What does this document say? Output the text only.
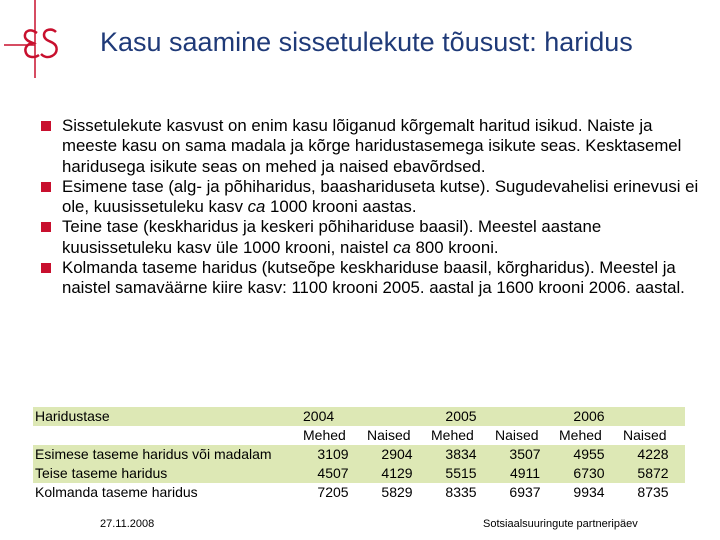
Kasu saamine sissetulekute tõusust: haridus
Sissetulekute kasvust on enim kasu lõiganud kõrgemalt haritud isikud. Naiste ja meeste kasu on sama madala ja kõrge haridustasemega isikute seas. Kesktasemel haridusega isikute seas on mehed ja naised ebavõrdsed.
Esimene tase (alg- ja põhiharidus, baashariduseta kutse). Sugudevahelisi erinevusi ei ole, kuusissetuleku kasv ca 1000 krooni aastas.
Teine tase (keskharidus ja keskeri põhihariduse baasil). Meestel aastane kuusissetuleku kasv üle 1000 krooni, naistel ca 800 krooni.
Kolmanda taseme haridus (kutseõpe keskhariduse baasil, kõrgharidus). Meestel ja naistel samaväärne kiire kasv: 1100 krooni 2005. aastal ja 1600 krooni 2006. aastal.
Haridustase	2004		2005		2006	
	Mehed	Naised	Mehed	Naised	Mehed	Naised
Esimese taseme haridus või madalam	3109	2904	3834	3507	4955	4228
Teise taseme haridus	4507	4129	5515	4911	6730	5872
Kolmanda taseme haridus	7205	5829	8335	6937	9934	8735
27.11.2008	Sotsiaalsuuringute partneripäev
